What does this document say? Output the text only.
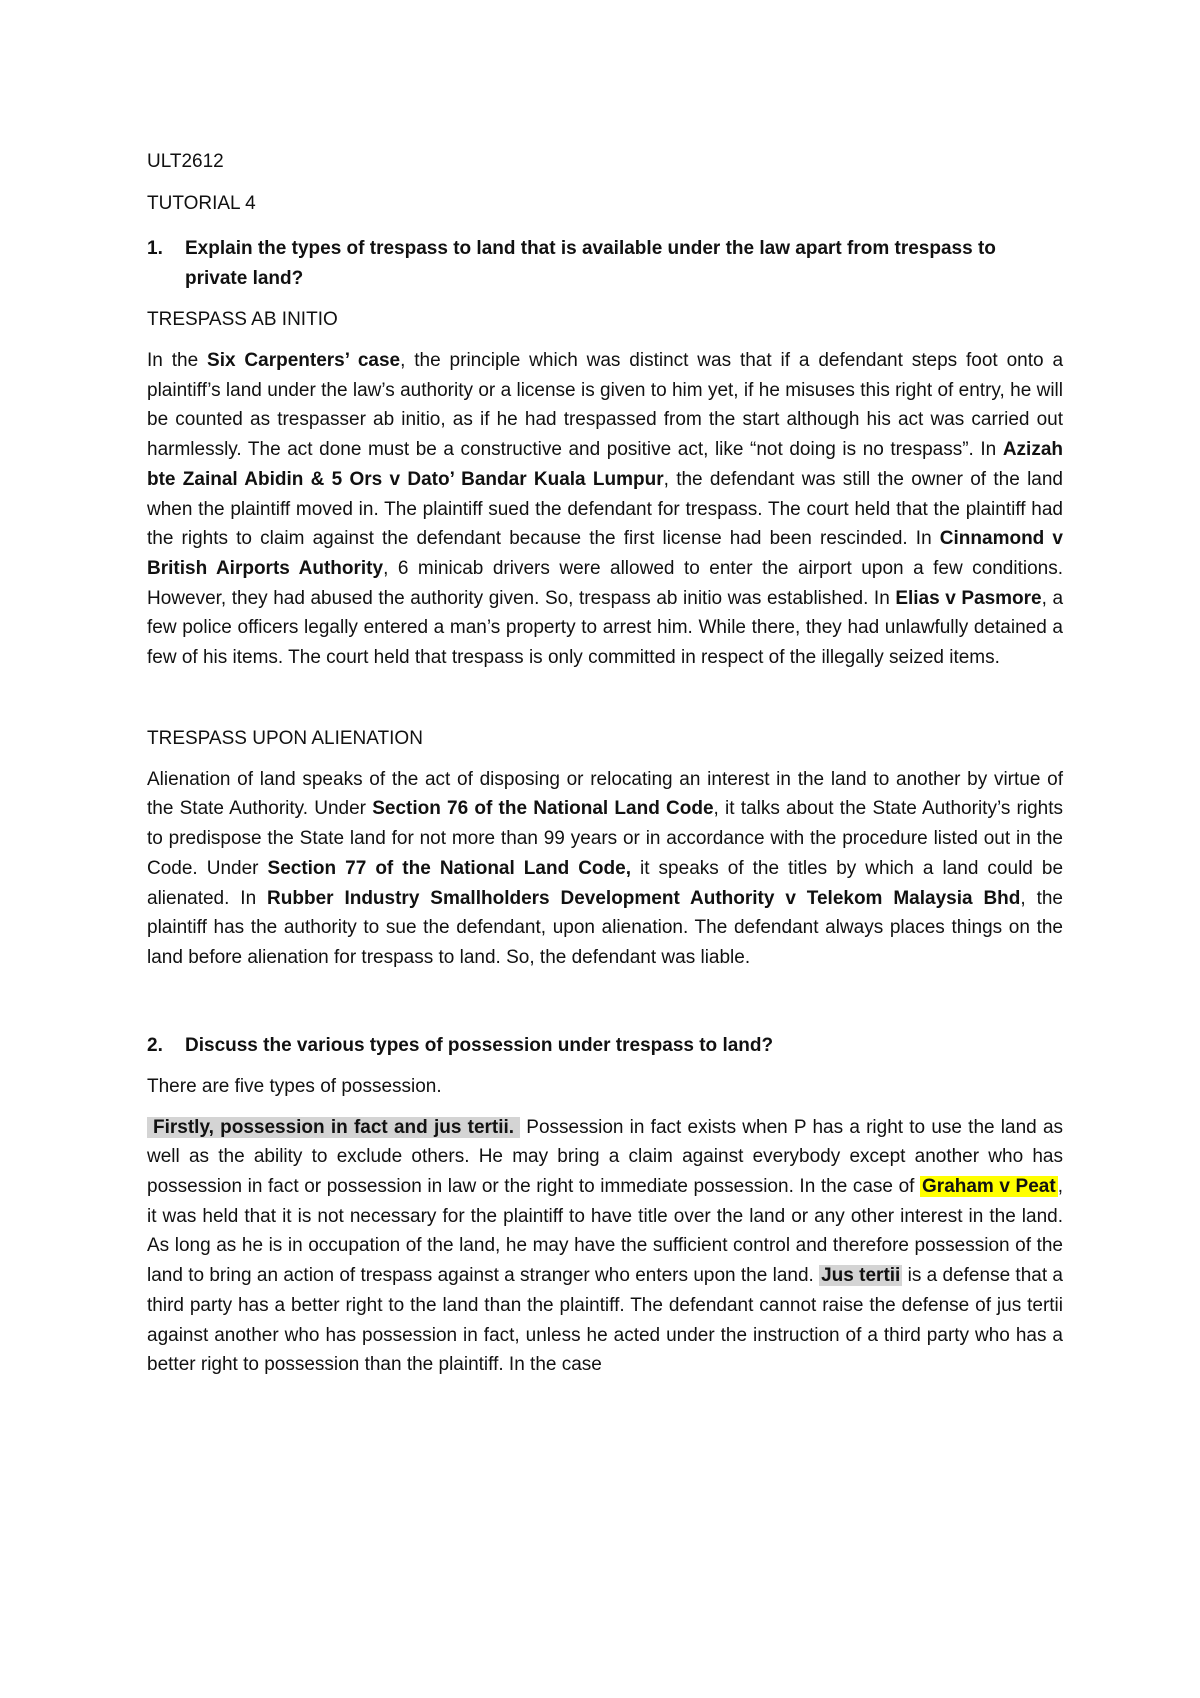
ULT2612
TUTORIAL 4
1.	Explain the types of trespass to land that is available under the law apart from trespass to private land?
TRESPASS AB INITIO

In the Six Carpenters’ case, the principle which was distinct was that if a defendant steps foot onto a plaintiff’s land under the law’s authority or a license is given to him yet, if he misuses this right of entry, he will be counted as trespasser ab initio, as if he had trespassed from the start although his act was carried out harmlessly. The act done must be a constructive and positive act, like “not doing is no trespass”. In Azizah bte Zainal Abidin & 5 Ors v Dato’ Bandar Kuala Lumpur, the defendant was still the owner of the land when the plaintiff moved in. The plaintiff sued the defendant for trespass. The court held that the plaintiff had the rights to claim against the defendant because the first license had been rescinded. In Cinnamond v British Airports Authority, 6 minicab drivers were allowed to enter the airport upon a few conditions. However, they had abused the authority given. So, trespass ab initio was established. In Elias v Pasmore, a few police officers legally entered a man’s property to arrest him. While there, they had unlawfully detained a few of his items. The court held that trespass is only committed in respect of the illegally seized items.

TRESPASS UPON ALIENATION

Alienation of land speaks of the act of disposing or relocating an interest in the land to another by virtue of the State Authority. Under Section 76 of the National Land Code, it talks about the State Authority’s rights to predispose the State land for not more than 99 years or in accordance with the procedure listed out in the Code. Under Section 77 of the National Land Code, it speaks of the titles by which a land could be alienated. In Rubber Industry Smallholders Development Authority v Telekom Malaysia Bhd, the plaintiff has the authority to sue the defendant, upon alienation. The defendant always places things on the land before alienation for trespass to land. So, the defendant was liable.

2.	Discuss the various types of possession under trespass to land?

There are five types of possession.

Firstly, possession in fact and jus tertii. Possession in fact exists when P has a right to use the land as well as the ability to exclude others. He may bring a claim against everybody except another who has possession in fact or possession in law or the right to immediate possession. In the case of Graham v Peat , it was held that it is not necessary for the plaintiff to have title over the land or any other interest in the land. As long as he is in occupation of the land, he may have the sufficient control and therefore possession of the land to bring an action of trespass against a stranger who enters upon the land. Jus tertii is a defense that a third party has a better right to the land than the plaintiff. The defendant cannot raise the defense of jus tertii against another who has possession in fact, unless he acted under the instruction of a third party who has a better right to possession than the plaintiff. In the case
